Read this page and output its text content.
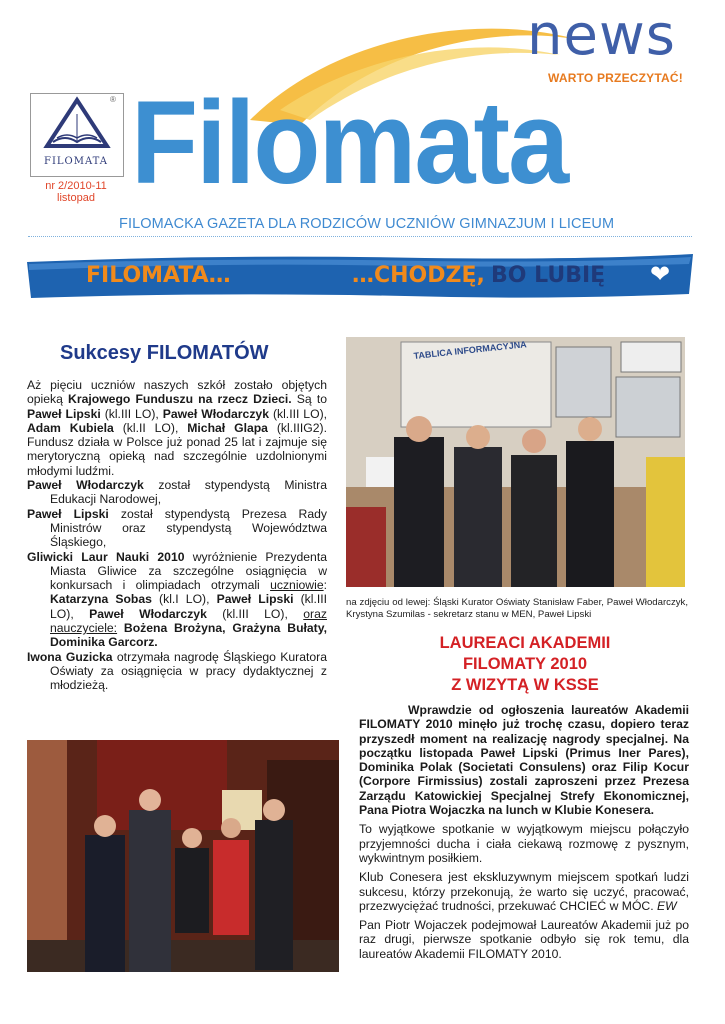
news
WARTO PRZECZYTAĆ!
®
FILOMATA
nr 2/2010-11
listopad Filomata
FILOMACKA GAZETA DLA RODZICÓW UCZNIÓW GIMNAZJUM I LICEUM
FILOMATA…	…CHODZĘ, BO LUBIĘ ❤
Sukcesy FILOMATÓW

Aż pięciu uczniów naszych szkół zostało objętych opieką Krajowego Funduszu na rzecz Dzieci. Są to Paweł Lipski (kl.III LO), Paweł Włodarczyk (kl.III LO), Adam Kubiela (kl.II LO), Michał Glapa (kl.IIIG2). Fundusz działa w Polsce już ponad 25 lat i zajmuje się merytoryczną opieką nad szczególnie uzdolnionymi młodymi ludźmi.

Paweł Włodarczyk został stypendystą Ministra Edukacji Narodowej,

Paweł Lipski został stypendystą Prezesa Rady Ministrów oraz stypendystą Województwa Śląskiego,

Gliwicki Laur Nauki 2010 wyróżnienie Prezydenta Miasta Gliwice za szczególne osiągnięcia w konkursach i olimpiadach otrzymali uczniowie: Katarzyna Sobas (kl.I LO), Paweł Lipski (kl.III LO), Paweł Włodarczyk (kl.III LO), oraz nauczyciele: Bożena Brożyna, Grażyna Bułaty, Dominika Garcorz.

Iwona Guzicka otrzymała nagrodę Śląskiego Kuratora Oświaty za osiągnięcia w pracy dydaktycznej z młodzieżą.

TABLICA INFORMACYJNA
na zdjęciu od lewej: Śląski Kurator Oświaty Stanisław Faber, Paweł Włodarczyk, Krystyna Szumilas - sekretarz stanu w MEN, Paweł Lipski
LAUREACI AKADEMII
FILOMATY 2010
Z WIZYTĄ W KSSE

Wprawdzie od ogłoszenia laureatów Akademii FILOMATY 2010 minęło już trochę czasu, dopiero teraz przyszedł moment na realizację nagrody specjalnej. Na początku listopada Paweł Lipski (Primus Iner Pares), Dominika Polak (Societati Consulens) oraz Filip Kocur (Corpore Firmissius) zostali zaproszeni przez Prezesa Zarządu Katowickiej Specjalnej Strefy Ekonomicznej, Pana Piotra Wojaczka na lunch w Klubie Konesera.

To wyjątkowe spotkanie w wyjątkowym miejscu połączyło przyjemności ducha i ciała ciekawą rozmowę z pysznym, wykwintnym posiłkiem.

Klub Conesera jest ekskluzywnym miejscem spotkań ludzi sukcesu, którzy przekonują, że warto się uczyć, pracować, przezwyciężać trudności, przekuwać CHCIEĆ w MÓC. EW

Pan Piotr Wojaczek podejmował Laureatów Akademii już po raz drugi, pierwsze spotkanie odbyło się rok temu, dla laureatów Akademii FILOMATY 2010.
